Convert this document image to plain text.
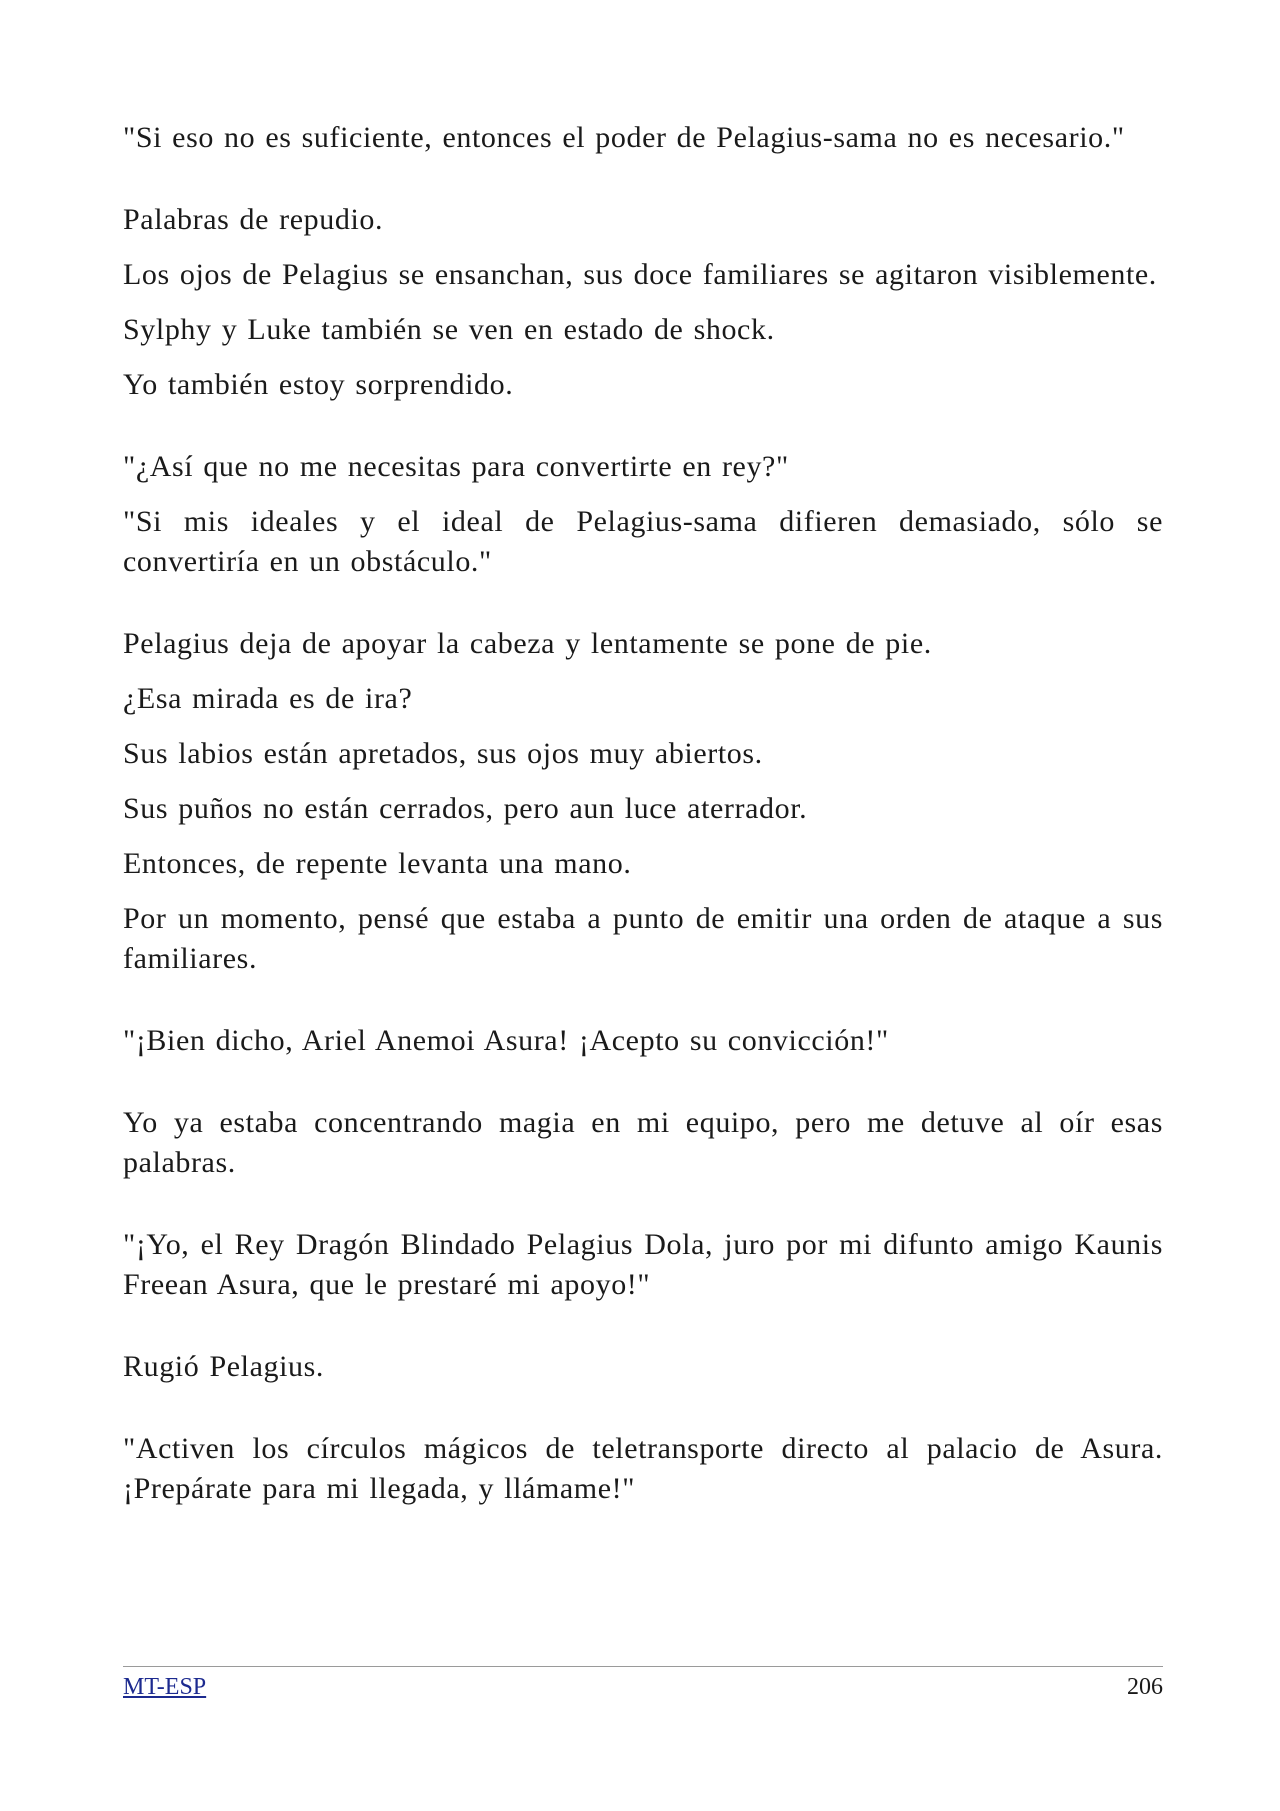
"Si eso no es suficiente, entonces el poder de Pelagius-sama no es necesario."

Palabras de repudio.

Los ojos de Pelagius se ensanchan, sus doce familiares se agitaron visiblemente.

Sylphy y Luke también se ven en estado de shock.

Yo también estoy sorprendido.

"¿Así que no me necesitas para convertirte en rey?"

"Si mis ideales y el ideal de Pelagius-sama difieren demasiado, sólo se convertiría en un obstáculo."

Pelagius deja de apoyar la cabeza y lentamente se pone de pie.

¿Esa mirada es de ira?

Sus labios están apretados, sus ojos muy abiertos.

Sus puños no están cerrados, pero aun luce aterrador.

Entonces, de repente levanta una mano.

Por un momento, pensé que estaba a punto de emitir una orden de ataque a sus familiares.

"¡Bien dicho, Ariel Anemoi Asura! ¡Acepto su convicción!"

Yo ya estaba concentrando magia en mi equipo, pero me detuve al oír esas palabras.

"¡Yo, el Rey Dragón Blindado Pelagius Dola, juro por mi difunto amigo Kaunis Freean Asura, que le prestaré mi apoyo!"

Rugió Pelagius.

"Activen los círculos mágicos de teletransporte directo al palacio de Asura. ¡Prepárate para mi llegada, y llámame!"

MT-ESP	206
